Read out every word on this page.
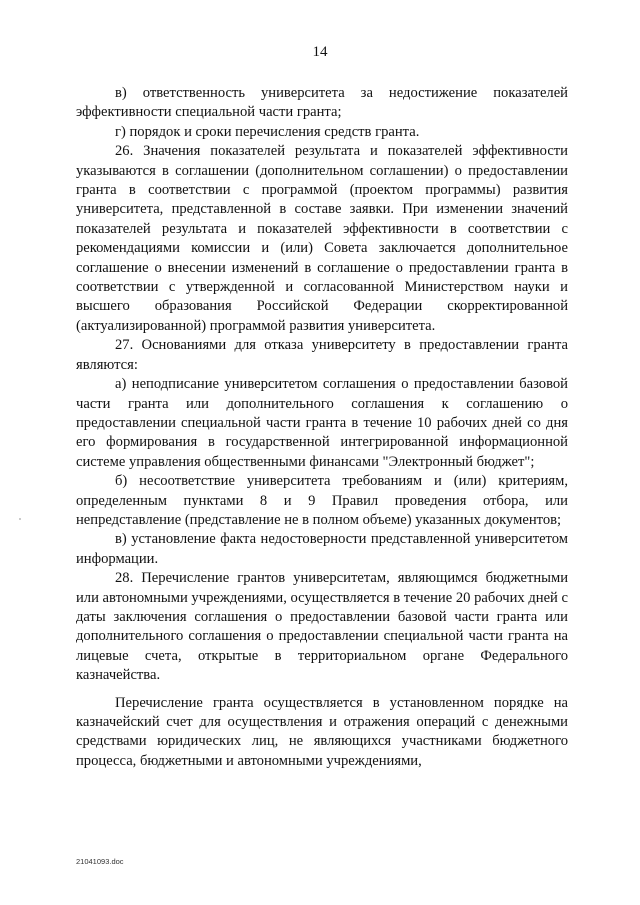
14

в) ответственность университета за недостижение показателей эффективности специальной части гранта;

г) порядок и сроки перечисления средств гранта.

26. Значения показателей результата и показателей эффективности указываются в соглашении (дополнительном соглашении) о предоставлении гранта в соответствии с программой (проектом программы) развития университета, представленной в составе заявки. При изменении значений показателей результата и показателей эффективности в соответствии с рекомендациями комиссии и (или) Совета заключается дополнительное соглашение о внесении изменений в соглашение о предоставлении гранта в соответствии с утвержденной и согласованной Министерством науки и высшего образования Российской Федерации скорректированной (актуализированной) программой развития университета.

27. Основаниями для отказа университету в предоставлении гранта являются:

а) неподписание университетом соглашения о предоставлении базовой части гранта или дополнительного соглашения к соглашению о предоставлении специальной части гранта в течение 10 рабочих дней со дня его формирования в государственной интегрированной информационной системе управления общественными финансами "Электронный бюджет";

б) несоответствие университета требованиям и (или) критериям, определенным пунктами 8 и 9 Правил проведения отбора, или непредставление (представление не в полном объеме) указанных документов;

в) установление факта недостоверности представленной университетом информации.

28. Перечисление грантов университетам, являющимся бюджетными или автономными учреждениями, осуществляется в течение 20 рабочих дней с даты заключения соглашения о предоставлении базовой части гранта или дополнительного соглашения о предоставлении специальной части гранта на лицевые счета, открытые в территориальном органе Федерального казначейства.

Перечисление гранта осуществляется в установленном порядке на казначейский счет для осуществления и отражения операций с денежными средствами юридических лиц, не являющихся участниками бюджетного процесса, бюджетными и автономными учреждениями,

21041093.doc
